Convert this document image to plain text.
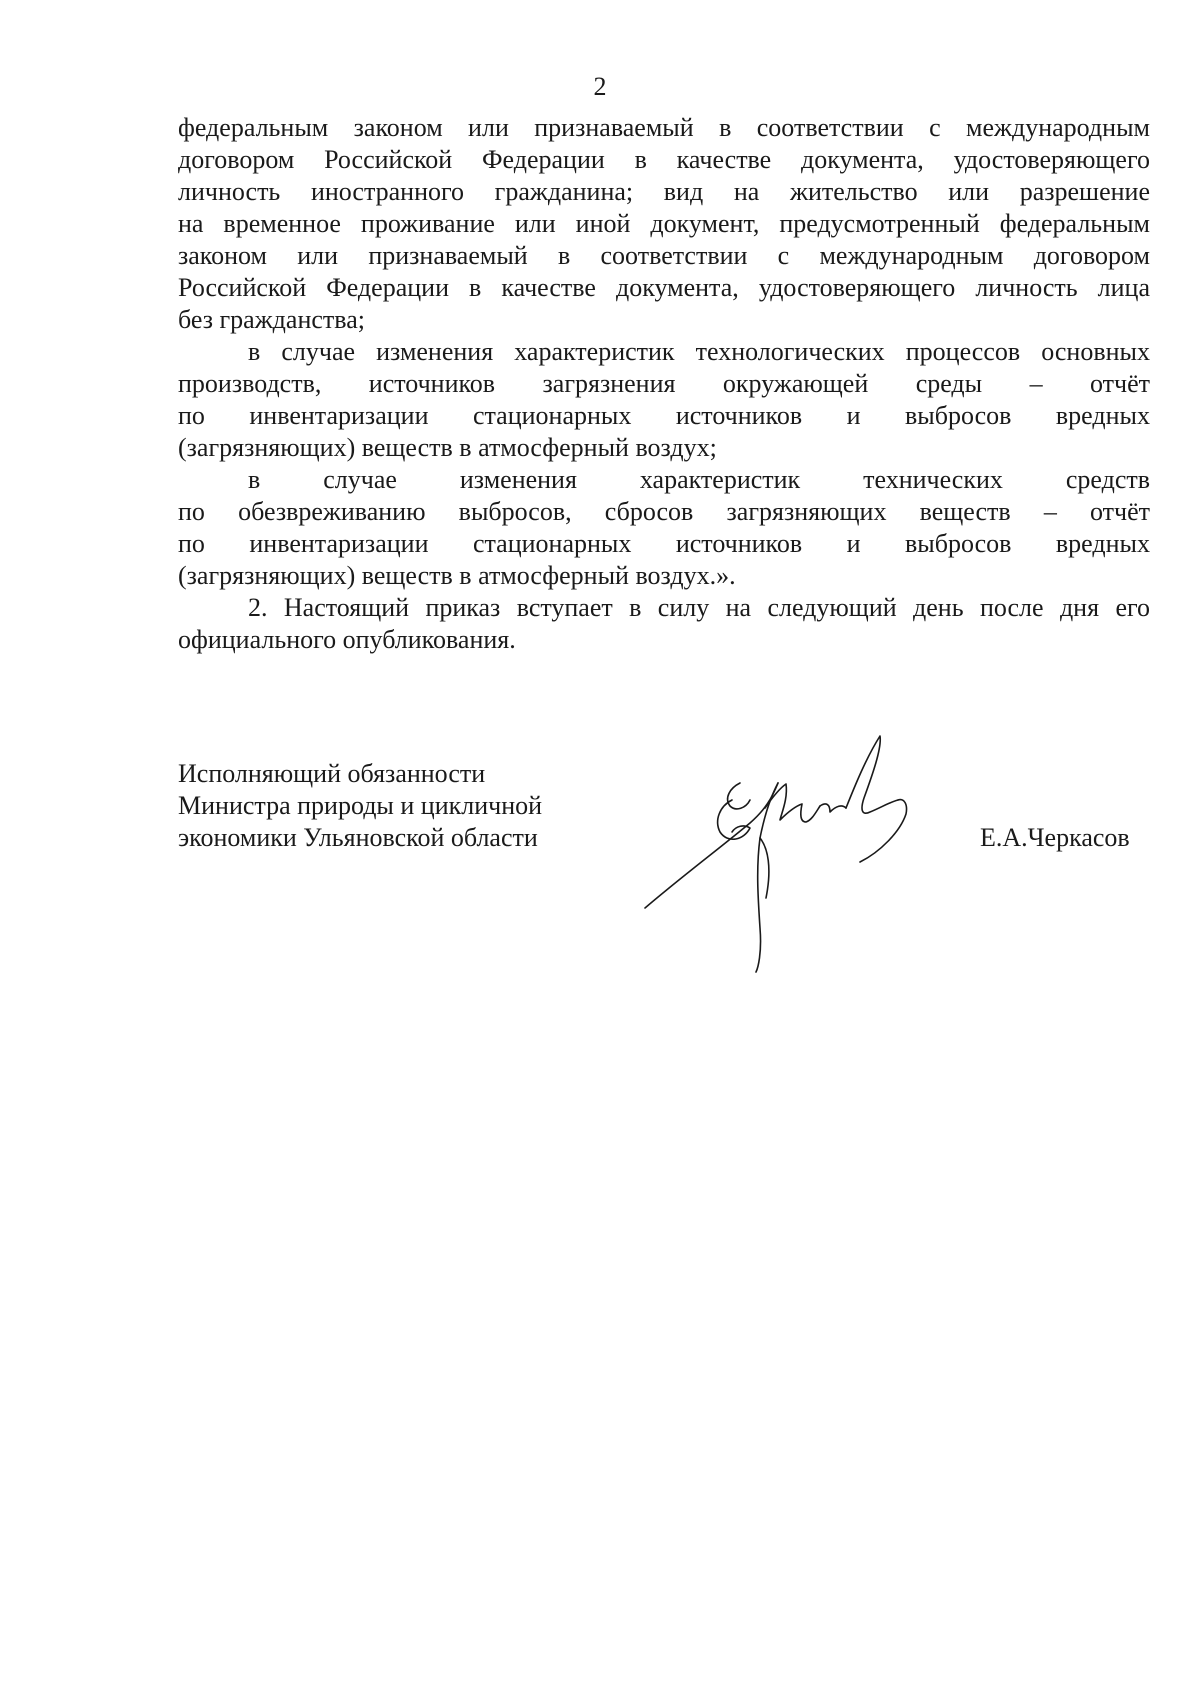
2

федеральным законом или признаваемый в соответствии с международным
договором Российской Федерации в качестве документа, удостоверяющего
личность иностранного гражданина; вид на жительство или разрешение
на временное проживание или иной документ, предусмотренный федеральным
законом или признаваемый в соответствии с международным договором
Российской Федерации в качестве документа, удостоверяющего личность лица
без гражданства;

в случае изменения характеристик технологических процессов основных
производств, источников загрязнения окружающей среды – отчёт
по инвентаризации стационарных источников и выбросов вредных
(загрязняющих) веществ в атмосферный воздух;

в случае изменения характеристик технических средств
по обезвреживанию выбросов, сбросов загрязняющих веществ – отчёт
по инвентаризации стационарных источников и выбросов вредных
(загрязняющих) веществ в атмосферный воздух.».

2. Настоящий приказ вступает в силу на следующий день после дня его
официального опубликования.

Исполняющий обязанности
Министра природы и цикличной
экономики Ульяновской области	Е.А.Черкасов
